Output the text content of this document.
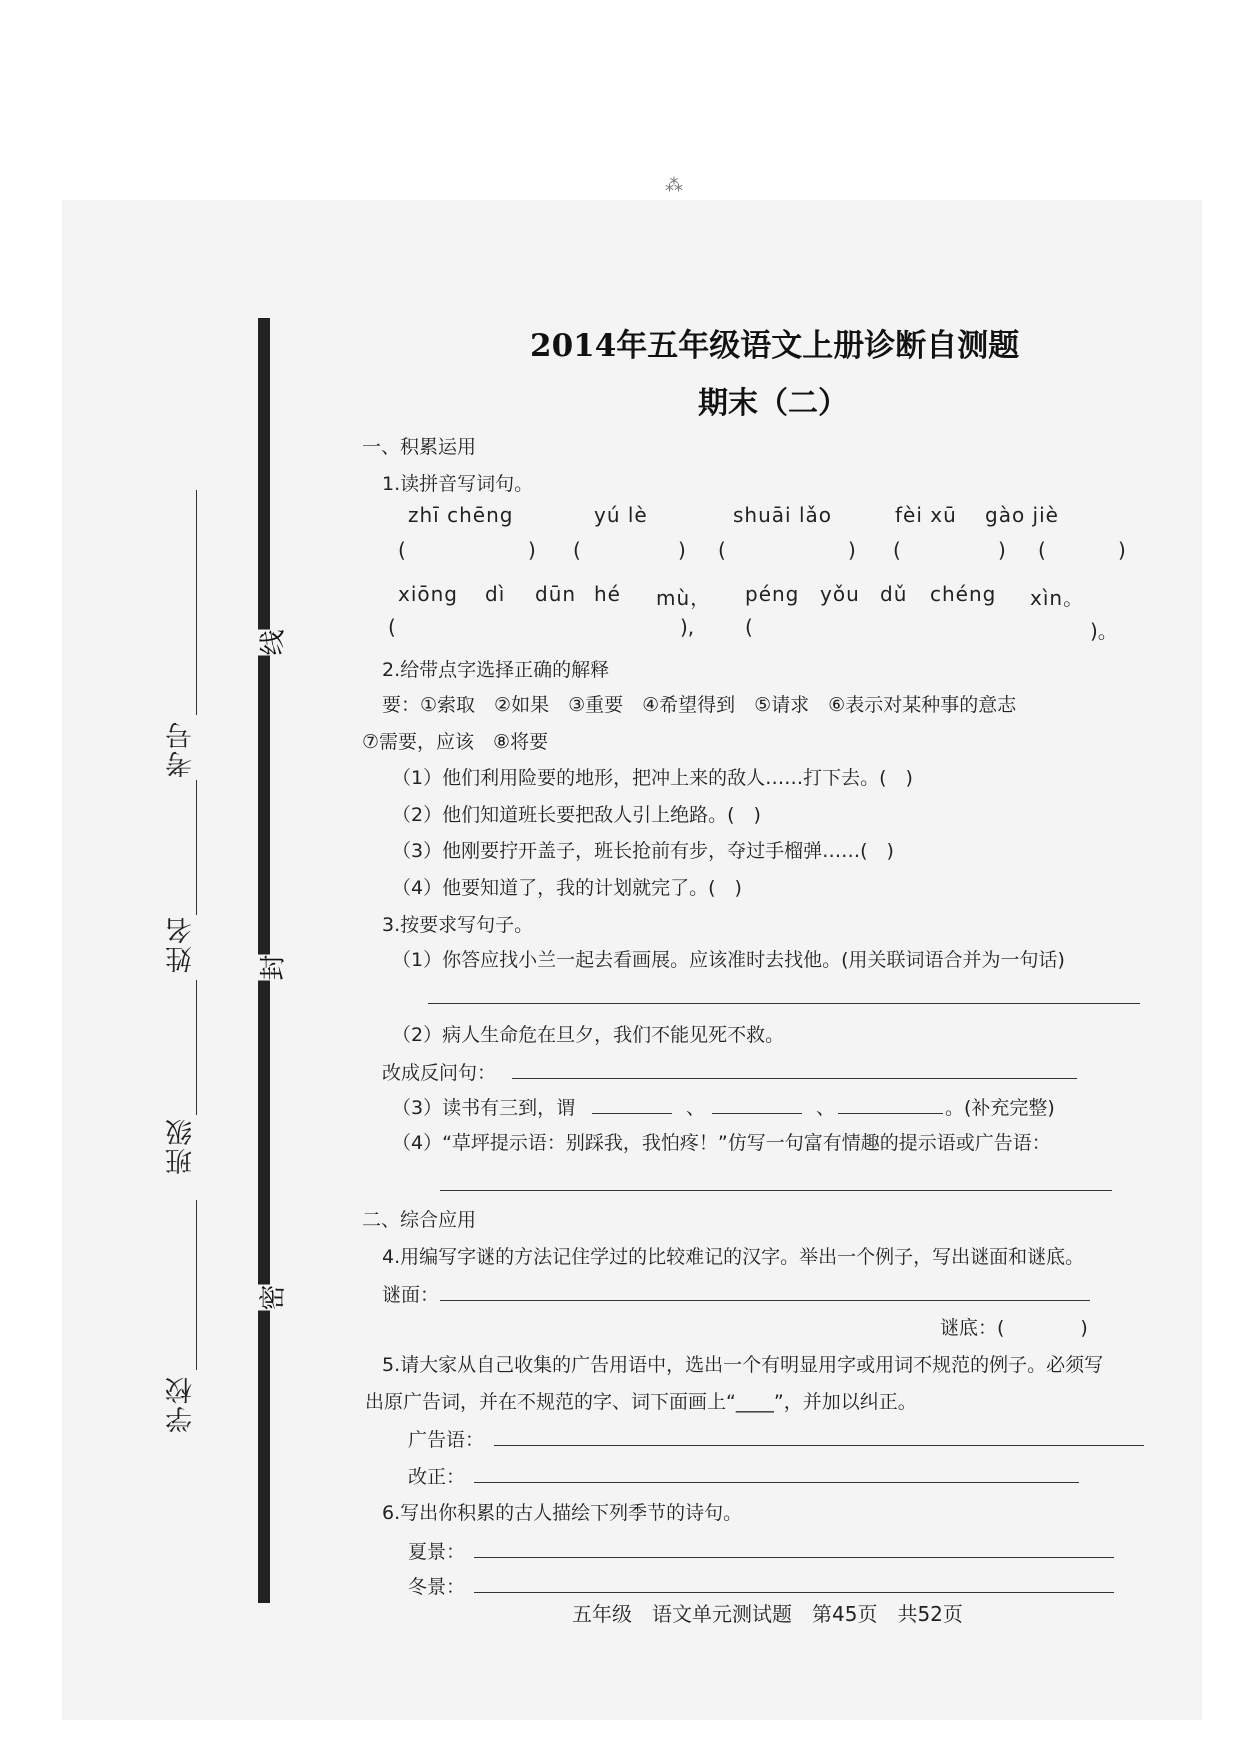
⁂
线
封
密
考号
姓名
班级
学校
2014年五年级语文上册诊断自测题
期末（二）
一、积累运用
1.读拼音写词句。
zhī chēng	yú lè	shuāi lǎo	fèi xū gào jiè
(	) (	) (	) (	) (	)
xiōng dì dūn hé mù， péng yǒu dǔ chéng xìn。
(	),	(	)。
2.给带点字选择正确的解释
要：①索取　②如果　③重要　④希望得到　⑤请求　⑥表示对某种事的意志
⑦需要，应该　⑧将要
（1）他们利用险要的地形，把冲上来的敌人……打下去。(　)
（2）他们知道班长要把敌人引上绝路。(　)
（3）他刚要拧开盖子，班长抢前有步，夺过手榴弹……(　)
（4）他要知道了，我的计划就完了。(　)
3.按要求写句子。
（1）你答应找小兰一起去看画展。应该准时去找他。(用关联词语合并为一句话)
（2）病人生命危在旦夕，我们不能见死不救。
改成反问句：
（3）读书有三到，谓	、	、	。(补充完整)
（4）“草坪提示语：别踩我，我怕疼！”仿写一句富有情趣的提示语或广告语：
二、综合应用
4.用编写字谜的方法记住学过的比较难记的汉字。举出一个例子，写出谜面和谜底。
谜面：
谜底：(　　　　)
5.请大家从自己收集的广告用语中，选出一个有明显用字或用词不规范的例子。必须写
出原广告词，并在不规范的字、词下面画上“____”，并加以纠正。
广告语：
改正：
6.写出你积累的古人描绘下列季节的诗句。
夏景：
冬景：
五年级　语文单元测试题　第45页　共52页
